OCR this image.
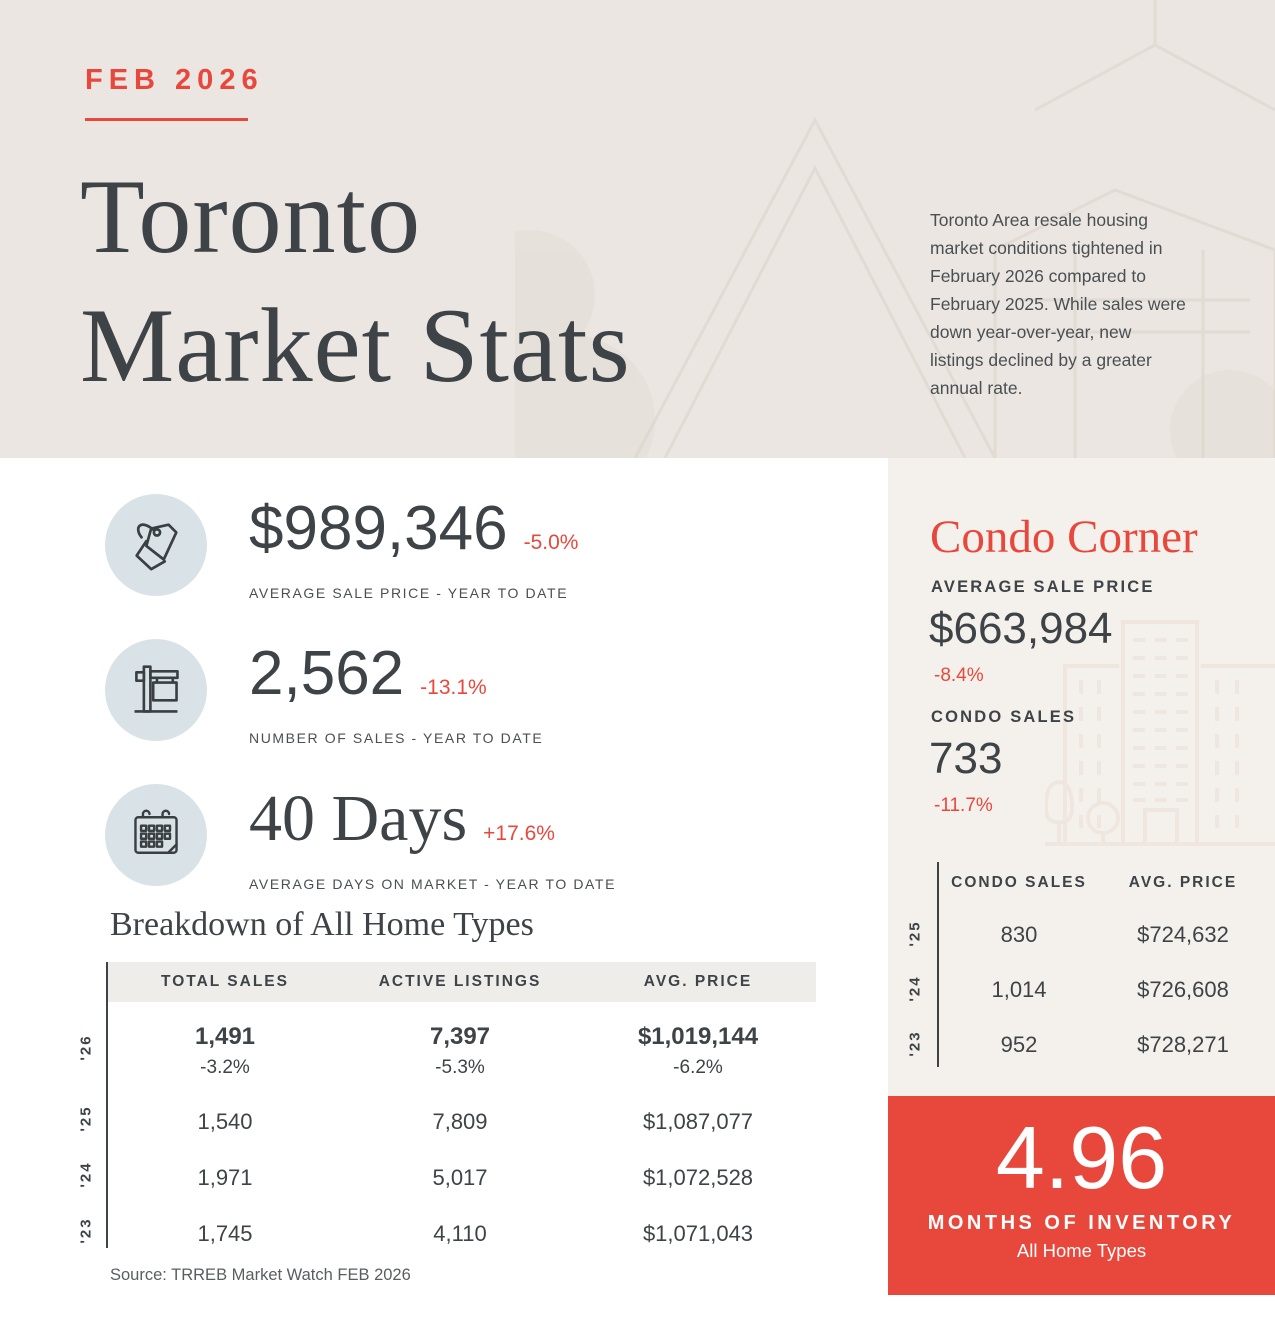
FEB 2026
Toronto
Market Stats

Toronto Area resale housing market conditions tightened in February 2026 compared to February 2025. While sales were down year-over-year, new listings declined by a greater annual rate.

$989,346 -5.0%
AVERAGE SALE PRICE - YEAR TO DATE
2,562 -13.1%
NUMBER OF SALES - YEAR TO DATE
40 Days +17.6%
AVERAGE DAYS ON MARKET - YEAR TO DATE
Breakdown of All Home Types
TOTAL SALES	ACTIVE LISTINGS	AVG. PRICE
1,491	7,397	$1,019,144
-3.2%	-5.3%	-6.2%
1,540	7,809	$1,087,077
1,971	5,017	$1,072,528
1,745	4,110	$1,071,043
'26
'25
'24
'23
Source: TRREB Market Watch FEB 2026
Condo Corner
AVERAGE SALE PRICE
$663,984
-8.4%
CONDO SALES
733
-11.7%
CONDO SALES	AVG. PRICE
830	$724,632
1,014	$726,608
952	$728,271
'25
'24
'23
4.96
MONTHS OF INVENTORY
All Home Types
